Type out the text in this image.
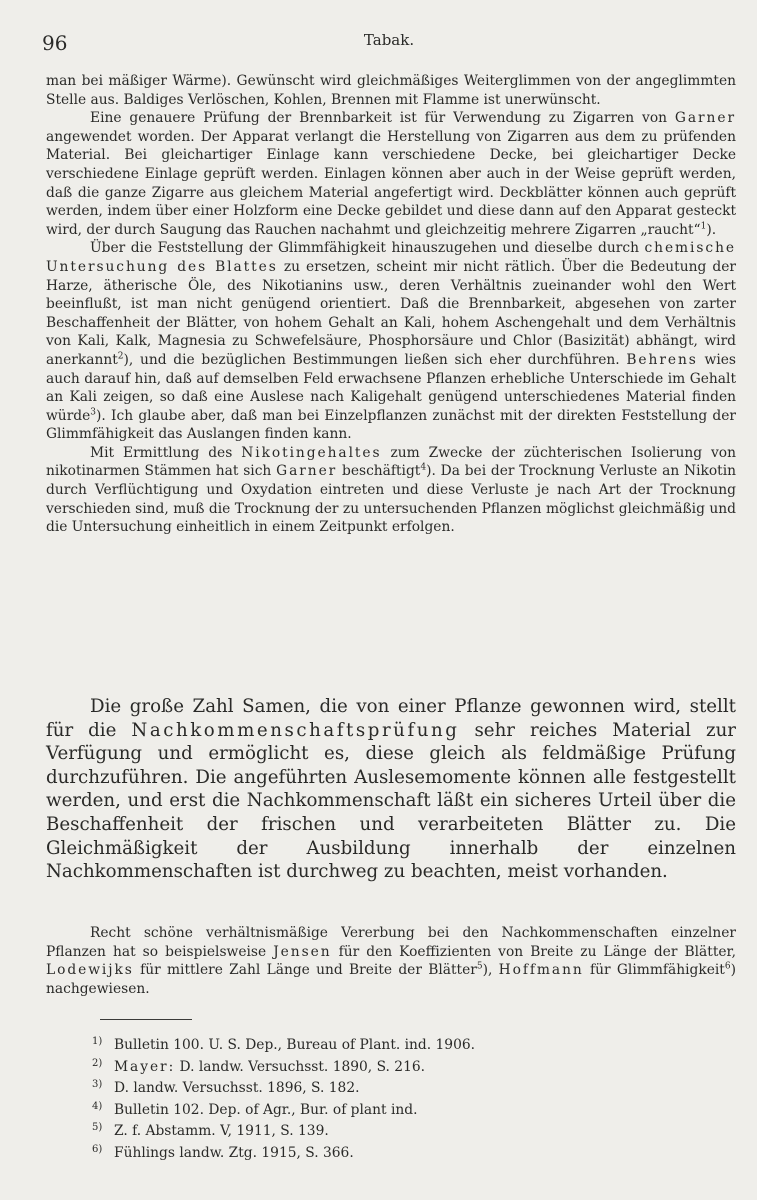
96	Tabak.

man bei mäßiger Wärme). Gewünscht wird gleichmäßiges Weiterglimmen von der angeglimmten Stelle aus. Baldiges Verlöschen, Kohlen, Brennen mit Flamme ist unerwünscht.

Eine genauere Prüfung der Brennbarkeit ist für Verwendung zu Zigarren von Garner angewendet worden. Der Apparat verlangt die Herstellung von Zigarren aus dem zu prüfenden Material. Bei gleichartiger Einlage kann verschiedene Decke, bei gleichartiger Decke verschiedene Einlage geprüft werden. Einlagen können aber auch in der Weise geprüft werden, daß die ganze Zigarre aus gleichem Material angefertigt wird. Deckblätter können auch geprüft werden, indem über einer Holzform eine Decke gebildet und diese dann auf den Apparat gesteckt wird, der durch Saugung das Rauchen nachahmt und gleichzeitig mehrere Zigarren „raucht“$^1$).

Über die Feststellung der Glimmfähigkeit hinauszugehen und dieselbe durch chemische Untersuchung des Blattes zu ersetzen, scheint mir nicht rätlich. Über die Bedeutung der Harze, ätherische Öle, des Nikotianins usw., deren Verhältnis zueinander wohl den Wert beeinflußt, ist man nicht genügend orientiert. Daß die Brennbarkeit, abgesehen von zarter Beschaffenheit der Blätter, von hohem Gehalt an Kali, hohem Aschengehalt und dem Verhältnis von Kali, Kalk, Magnesia zu Schwefelsäure, Phosphorsäure und Chlor (Basizität) abhängt, wird anerkannt$^2$), und die bezüglichen Bestimmungen ließen sich eher durchführen. Behrens wies auch darauf hin, daß auf demselben Feld erwachsene Pflanzen erhebliche Unterschiede im Gehalt an Kali zeigen, so daß eine Auslese nach Kaligehalt genügend unterschiedenes Material finden würde$^3$). Ich glaube aber, daß man bei Einzelpflanzen zunächst mit der direkten Feststellung der Glimmfähigkeit das Auslangen finden kann.

Mit Ermittlung des Nikotingehaltes zum Zwecke der züchterischen Isolierung von nikotinarmen Stämmen hat sich Garner beschäftigt$^4$). Da bei der Trocknung Verluste an Nikotin durch Verflüchtigung und Oxydation eintreten und diese Verluste je nach Art der Trocknung verschieden sind, muß die Trocknung der zu untersuchenden Pflanzen möglichst gleichmäßig und die Untersuchung einheitlich in einem Zeitpunkt erfolgen.

Die große Zahl Samen, die von einer Pflanze gewonnen wird, stellt für die Nachkommenschaftsprüfung sehr reiches Material zur Verfügung und ermöglicht es, diese gleich als feldmäßige Prüfung durchzuführen. Die angeführten Auslesemomente können alle festgestellt werden, und erst die Nachkommenschaft läßt ein sicheres Urteil über die Beschaffenheit der frischen und verarbeiteten Blätter zu. Die Gleichmäßigkeit der Ausbildung innerhalb der einzelnen Nachkommenschaften ist durchweg zu beachten, meist vorhanden.

Recht schöne verhältnismäßige Vererbung bei den Nachkommenschaften einzelner Pflanzen hat so beispielsweise Jensen für den Koeffizienten von Breite zu Länge der Blätter, Lodewijks für mittlere Zahl Länge und Breite der Blätter$^5$), Hoffmann für Glimmfähigkeit$^6$) nachgewiesen.

1) Bulletin 100. U. S. Dep., Bureau of Plant. ind. 1906.

2) Mayer: D. landw. Versuchsst. 1890, S. 216.

3) D. landw. Versuchsst. 1896, S. 182.

4) Bulletin 102. Dep. of Agr., Bur. of plant ind.

5) Z. f. Abstamm. V, 1911, S. 139.

6) Fühlings landw. Ztg. 1915, S. 366.
